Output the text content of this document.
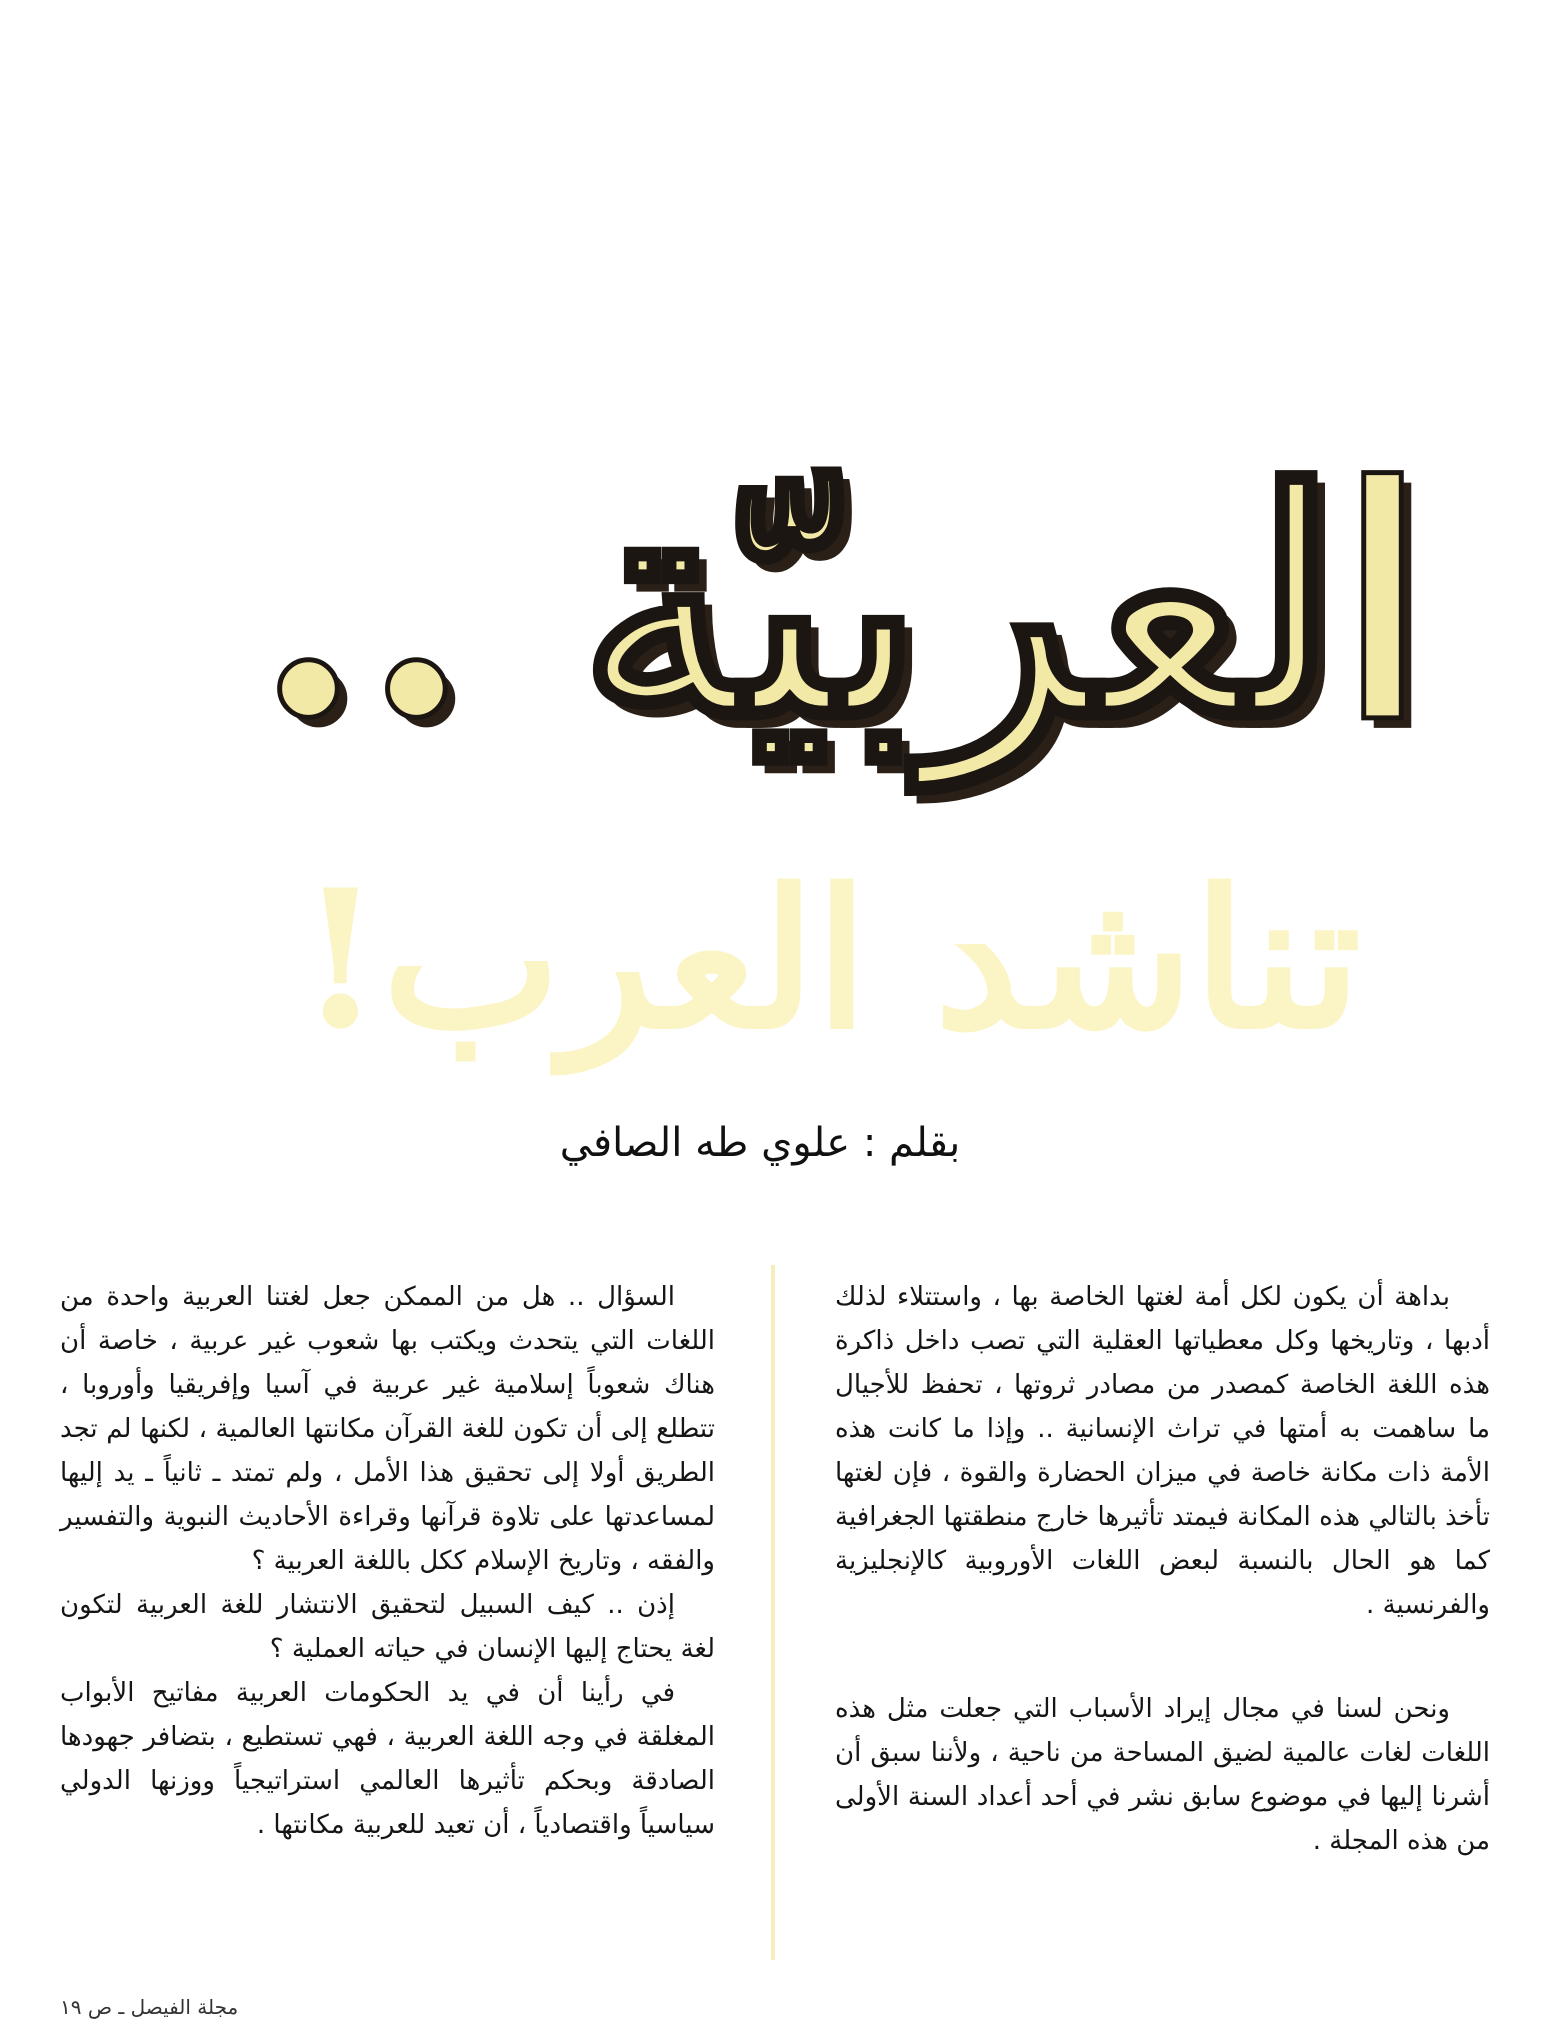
العربيّة ..
تناشد العرب!
بقلم : علوي طه الصافي

بداهة أن يكون لكل أمة لغتها الخاصة بها ، واستتلاء لذلك أدبها ، وتاريخها وكل معطياتها العقلية التي تصب داخل ذاكرة هذه اللغة الخاصة كمصدر من مصادر ثروتها ، تحفظ للأجيال ما ساهمت به أمتها في تراث الإنسانية .. وإذا ما كانت هذه الأمة ذات مكانة خاصة في ميزان الحضارة والقوة ، فإن لغتها تأخذ بالتالي هذه المكانة فيمتد تأثيرها خارج منطقتها الجغرافية كما هو الحال بالنسبة لبعض اللغات الأوروبية كالإنجليزية والفرنسية .

ونحن لسنا في مجال إيراد الأسباب التي جعلت مثل هذه اللغات لغات عالمية لضيق المساحة من ناحية ، ولأننا سبق أن أشرنا إليها في موضوع سابق نشر في أحد أعداد السنة الأولى من هذه المجلة .

السؤال .. هل من الممكن جعل لغتنا العربية واحدة من اللغات التي يتحدث ويكتب بها شعوب غير عربية ، خاصة أن هناك شعوباً إسلامية غير عربية في آسيا وإفريقيا وأوروبا ، تتطلع إلى أن تكون للغة القرآن مكانتها العالمية ، لكنها لم تجد الطريق أولا إلى تحقيق هذا الأمل ، ولم تمتد ـ ثانياً ـ يد إليها لمساعدتها على تلاوة قرآنها وقراءة الأحاديث النبوية والتفسير والفقه ، وتاريخ الإسلام ككل باللغة العربية ؟

إذن .. كيف السبيل لتحقيق الانتشار للغة العربية لتكون لغة يحتاج إليها الإنسان في حياته العملية ؟

في رأينا أن في يد الحكومات العربية مفاتيح الأبواب المغلقة في وجه اللغة العربية ، فهي تستطيع ، بتضافر جهودها الصادقة وبحكم تأثيرها العالمي استراتيجياً ووزنها الدولي سياسياً واقتصادياً ، أن تعيد للعربية مكانتها .

مجلة الفيصل ـ ص ١٩
